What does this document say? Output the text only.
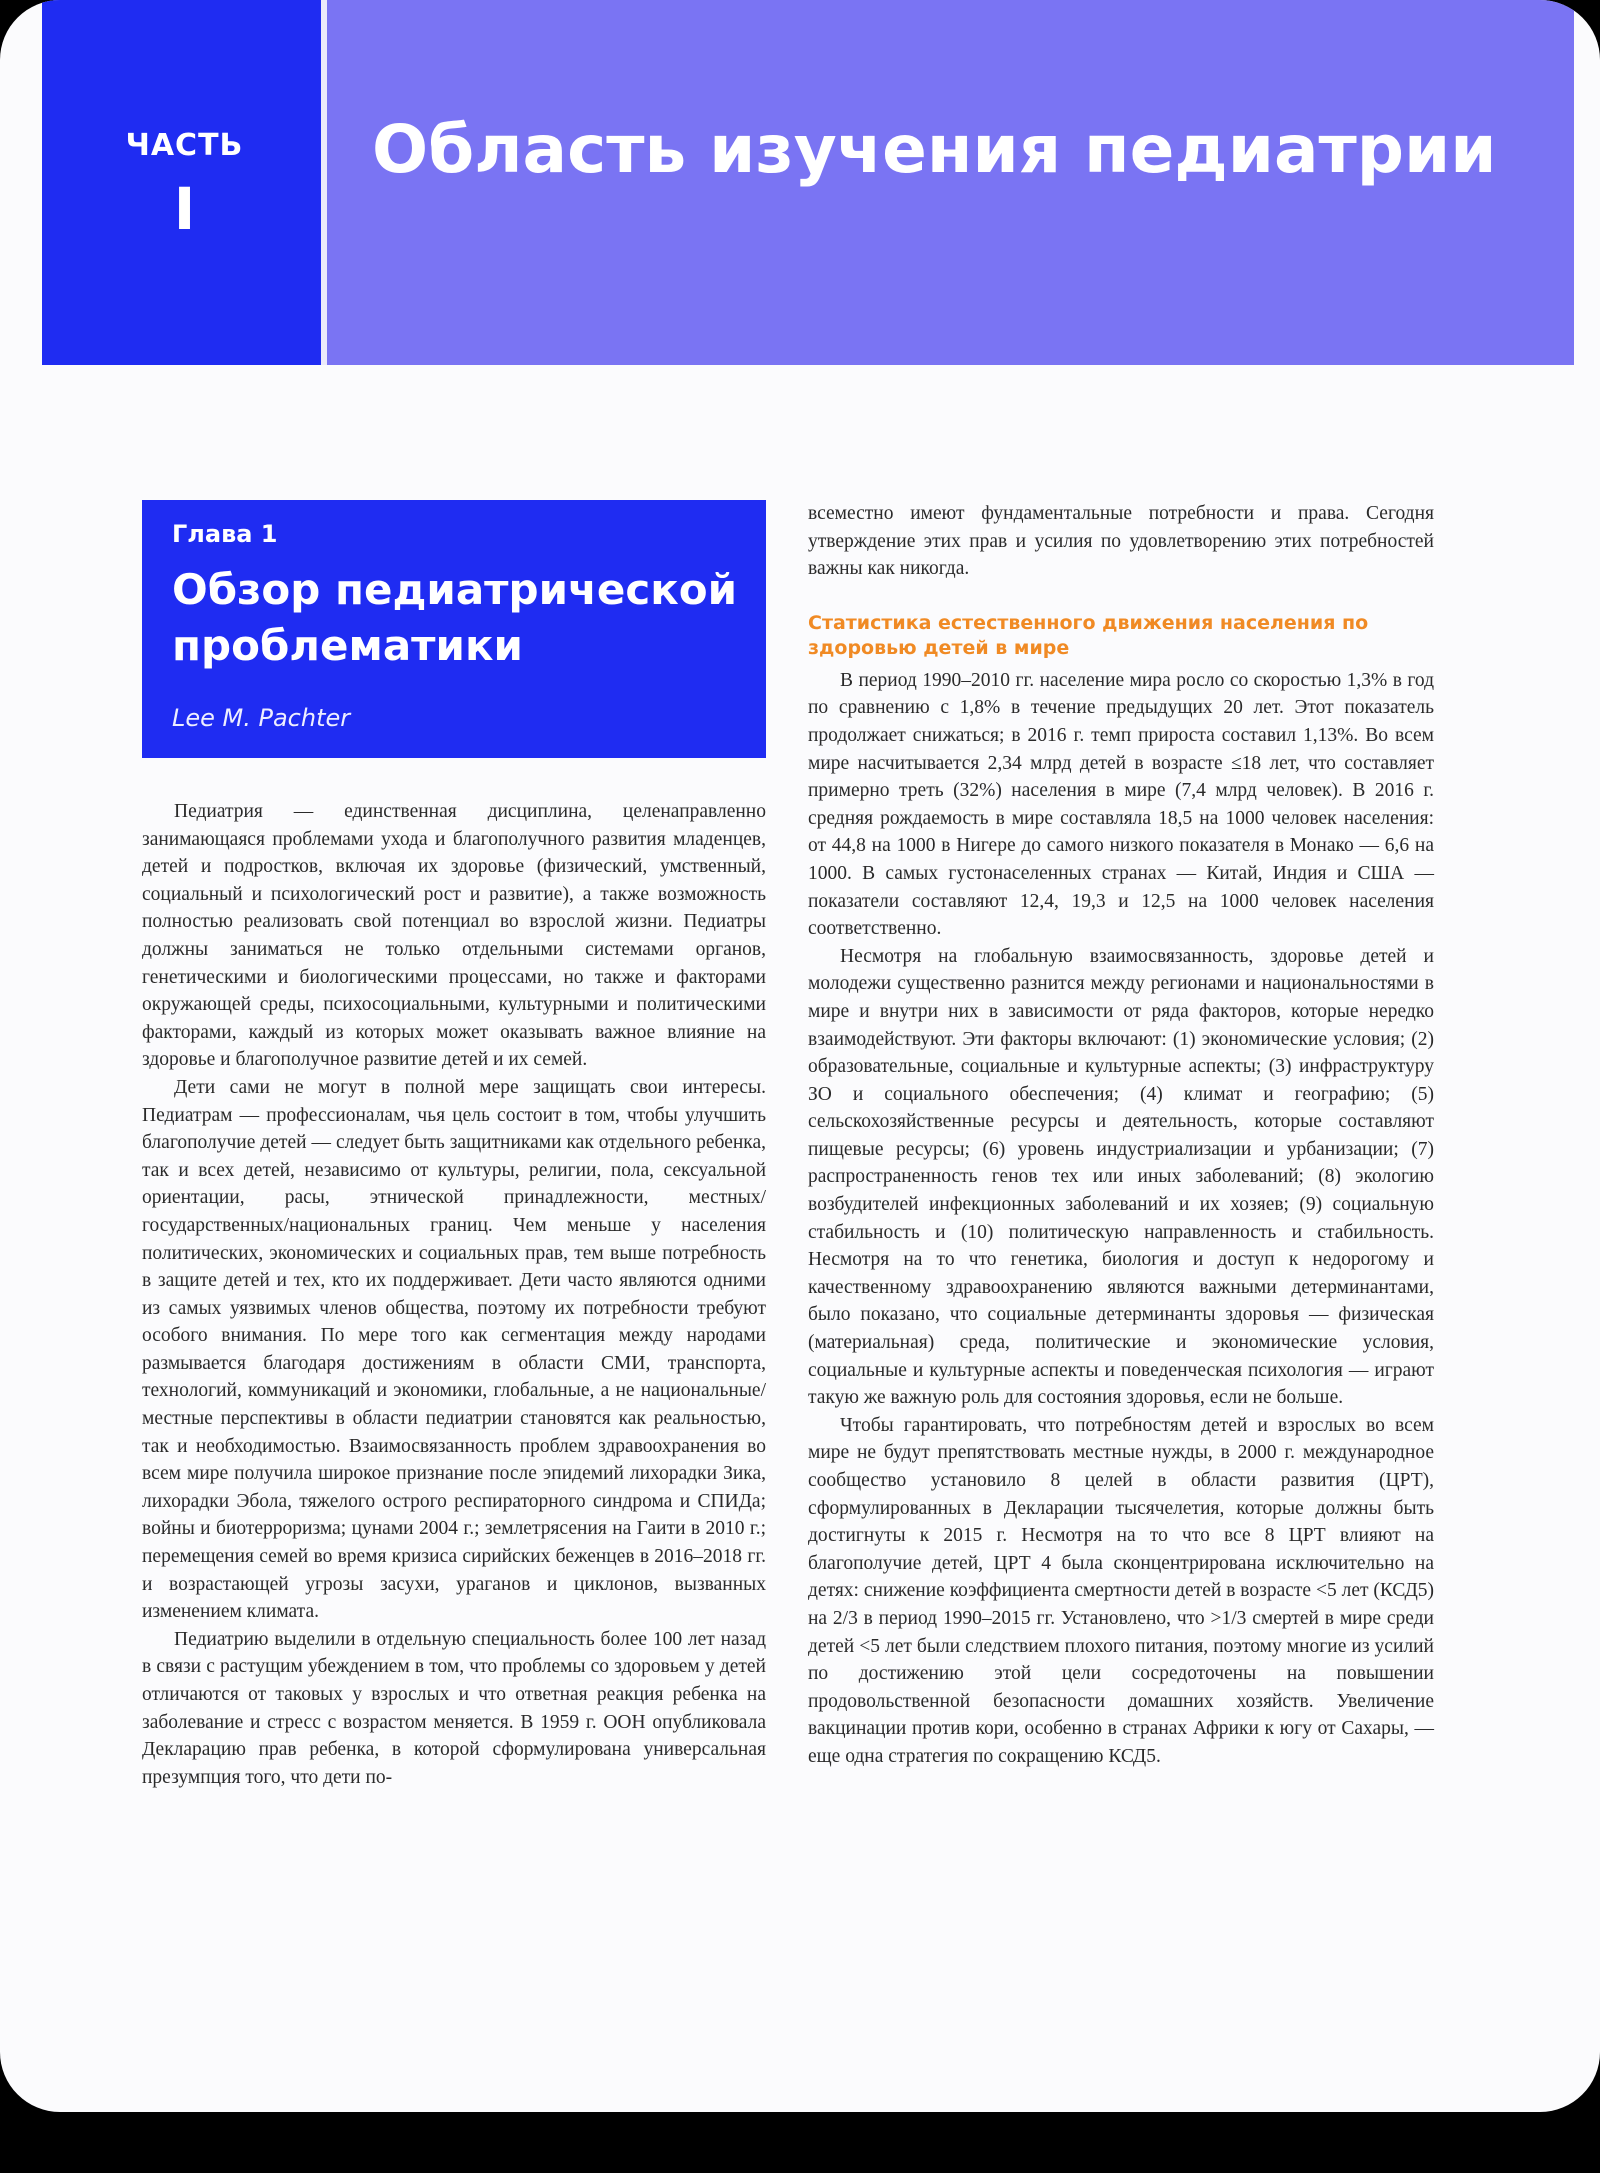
ЧАСТЬ
I
Область изучения педиатрии
Глава 1
Обзор педиатрической проблематики
Lee M. Pachter

Педиатрия — единственная дисциплина, целенаправленно занимающаяся проблемами ухода и благополучного развития младенцев, детей и подростков, включая их здоровье (физический, умственный, социальный и психологический рост и развитие), а также возможность полностью реализовать свой потенциал во взрослой жизни. Педиатры должны заниматься не только отдельными системами органов, генетическими и биологическими процессами, но также и факторами окружающей среды, психосоциальными, культурными и политическими факторами, каждый из которых может оказывать важное влияние на здоровье и благополучное развитие детей и их семей.

Дети сами не могут в полной мере защищать свои интересы. Педиатрам — профессионалам, чья цель состоит в том, чтобы улучшить благополучие детей — следует быть защитниками как отдельного ребенка, так и всех детей, независимо от культуры, религии, пола, сексуальной ориентации, расы, этнической принадлежности, местных/государственных/национальных границ. Чем меньше у населения политических, экономических и социальных прав, тем выше потребность в защите детей и тех, кто их поддерживает. Дети часто являются одними из самых уязвимых членов общества, поэтому их потребности требуют особого внимания. По мере того как сегментация между народами размывается благодаря достижениям в области СМИ, транспорта, технологий, коммуникаций и экономики, глобальные, а не национальные/местные перспективы в области педиатрии становятся как реальностью, так и необходимостью. Взаимосвязанность проблем здравоохранения во всем мире получила широкое признание после эпидемий лихорадки Зика, лихорадки Эбола, тяжелого острого респираторного синдрома и СПИДа; войны и биотерроризма; цунами 2004 г.; землетрясения на Гаити в 2010 г.; перемещения семей во время кризиса сирийских беженцев в 2016–2018 гг. и возрастающей угрозы засухи, ураганов и циклонов, вызванных изменением климата.

Педиатрию выделили в отдельную специальность более 100 лет назад в связи с растущим убеждением в том, что проблемы со здоровьем у детей отличаются от таковых у взрослых и что ответная реакция ребенка на заболевание и стресс с возрастом меняется. В 1959 г. ООН опубликовала Декларацию прав ребенка, в которой сформулирована универсальная презумпция того, что дети по-

всеместно имеют фундаментальные потребности и права. Сегодня утверждение этих прав и усилия по удовлетворению этих потребностей важны как никогда.

Статистика естественного движения населения по здоровью детей в мире

В период 1990–2010 гг. население мира росло со скоростью 1,3% в год по сравнению с 1,8% в течение предыдущих 20 лет. Этот показатель продолжает снижаться; в 2016 г. темп прироста составил 1,13%. Во всем мире насчитывается 2,34 млрд детей в возрасте ≤18 лет, что составляет примерно треть (32%) населения в мире (7,4 млрд человек). В 2016 г. средняя рождаемость в мире составляла 18,5 на 1000 человек населения: от 44,8 на 1000 в Нигере до самого низкого показателя в Монако — 6,6 на 1000. В самых густонаселенных странах — Китай, Индия и США — показатели составляют 12,4, 19,3 и 12,5 на 1000 человек населения соответственно.

Несмотря на глобальную взаимосвязанность, здоровье детей и молодежи существенно разнится между регионами и национальностями в мире и внутри них в зависимости от ряда факторов, которые нередко взаимодействуют. Эти факторы включают: (1) экономические условия; (2) образовательные, социальные и культурные аспекты; (3) инфраструктуру ЗО и социального обеспечения; (4) климат и географию; (5) сельскохозяйственные ресурсы и деятельность, которые составляют пищевые ресурсы; (6) уровень индустриализации и урбанизации; (7) распространенность генов тех или иных заболеваний; (8) экологию возбудителей инфекционных заболеваний и их хозяев; (9) социальную стабильность и (10) политическую направленность и стабильность. Несмотря на то что генетика, биология и доступ к недорогому и качественному здравоохранению являются важными детерминантами, было показано, что социальные детерминанты здоровья — физическая (материальная) среда, политические и экономические условия, социальные и культурные аспекты и поведенческая психология — играют такую же важную роль для состояния здоровья, если не больше.

Чтобы гарантировать, что потребностям детей и взрослых во всем мире не будут препятствовать местные нужды, в 2000 г. международное сообщество установило 8 целей в области развития (ЦРТ), сформулированных в Декларации тысячелетия, которые должны быть достигнуты к 2015 г. Несмотря на то что все 8 ЦРТ влияют на благополучие детей, ЦРТ 4 была сконцентрирована исключительно на детях: снижение коэффициента смертности детей в возрасте <5 лет (КСД5) на 2/3 в период 1990–2015 гг. Установлено, что >1/3 смертей в мире среди детей <5 лет были следствием плохого питания, поэтому многие из усилий по достижению этой цели сосредоточены на повышении продовольственной безопасности домашних хозяйств. Увеличение вакцинации против кори, особенно в странах Африки к югу от Сахары, — еще одна стратегия по сокращению КСД5.
